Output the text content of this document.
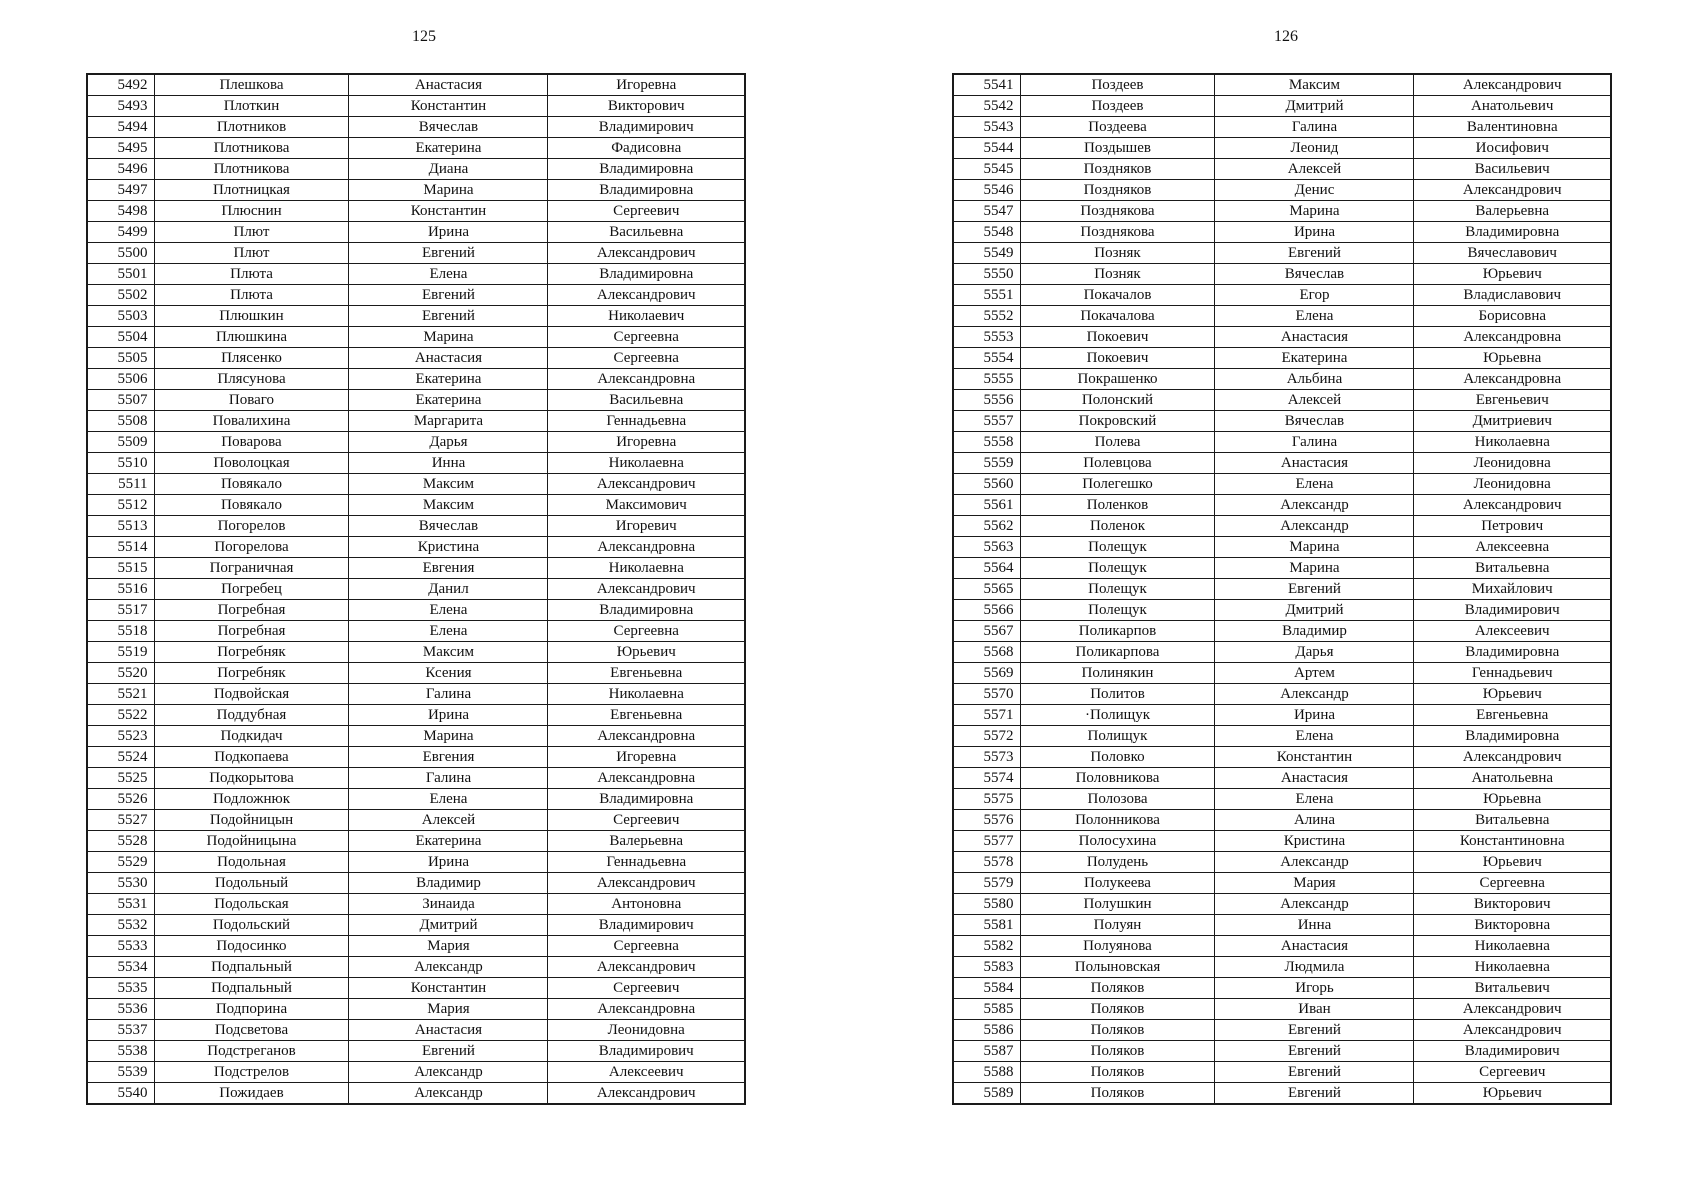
125	126
5492	Плешкова	Анастасия	Игоревна
5493	Плоткин	Константин	Викторович
5494	Плотников	Вячеслав	Владимирович
5495	Плотникова	Екатерина	Фадисовна
5496	Плотникова	Диана	Владимировна
5497	Плотницкая	Марина	Владимировна
5498	Плюснин	Константин	Сергеевич
5499	Плют	Ирина	Васильевна
5500	Плют	Евгений	Александрович
5501	Плюта	Елена	Владимировна
5502	Плюта	Евгений	Александрович
5503	Плюшкин	Евгений	Николаевич
5504	Плюшкина	Марина	Сергеевна
5505	Плясенко	Анастасия	Сергеевна
5506	Плясунова	Екатерина	Александровна
5507	Поваго	Екатерина	Васильевна
5508	Повалихина	Маргарита	Геннадьевна
5509	Поварова	Дарья	Игоревна
5510	Поволоцкая	Инна	Николаевна
5511	Повякало	Максим	Александрович
5512	Повякало	Максим	Максимович
5513	Погорелов	Вячеслав	Игоревич
5514	Погорелова	Кристина	Александровна
5515	Пограничная	Евгения	Николаевна
5516	Погребец	Данил	Александрович
5517	Погребная	Елена	Владимировна
5518	Погребная	Елена	Сергеевна
5519	Погребняк	Максим	Юрьевич
5520	Погребняк	Ксения	Евгеньевна
5521	Подвойская	Галина	Николаевна
5522	Поддубная	Ирина	Евгеньевна
5523	Подкидач	Марина	Александровна
5524	Подкопаева	Евгения	Игоревна
5525	Подкорытова	Галина	Александровна
5526	Подложнюк	Елена	Владимировна
5527	Подойницын	Алексей	Сергеевич
5528	Подойницына	Екатерина	Валерьевна
5529	Подольная	Ирина	Геннадьевна
5530	Подольный	Владимир	Александрович
5531	Подольская	Зинаида	Антоновна
5532	Подольский	Дмитрий	Владимирович
5533	Подосинко	Мария	Сергеевна
5534	Подпальный	Александр	Александрович
5535	Подпальный	Константин	Сергеевич
5536	Подпорина	Мария	Александровна
5537	Подсветова	Анастасия	Леонидовна
5538	Подстреганов	Евгений	Владимирович
5539	Подстрелов	Александр	Алексеевич
5540	Пожидаев	Александр	Александрович
5541	Поздеев	Максим	Александрович
5542	Поздеев	Дмитрий	Анатольевич
5543	Поздеева	Галина	Валентиновна
5544	Поздышев	Леонид	Иосифович
5545	Поздняков	Алексей	Васильевич
5546	Поздняков	Денис	Александрович
5547	Позднякова	Марина	Валерьевна
5548	Позднякова	Ирина	Владимировна
5549	Позняк	Евгений	Вячеславович
5550	Позняк	Вячеслав	Юрьевич
5551	Покачалов	Егор	Владиславович
5552	Покачалова	Елена	Борисовна
5553	Покоевич	Анастасия	Александровна
5554	Покоевич	Екатерина	Юрьевна
5555	Покрашенко	Альбина	Александровна
5556	Полонский	Алексей	Евгеньевич
5557	Покровский	Вячеслав	Дмитриевич
5558	Полева	Галина	Николаевна
5559	Полевцова	Анастасия	Леонидовна
5560	Полегешко	Елена	Леонидовна
5561	Поленков	Александр	Александрович
5562	Поленок	Александр	Петрович
5563	Полещук	Марина	Алексеевна
5564	Полещук	Марина	Витальевна
5565	Полещук	Евгений	Михайлович
5566	Полещук	Дмитрий	Владимирович
5567	Поликарпов	Владимир	Алексеевич
5568	Поликарпова	Дарья	Владимировна
5569	Полинякин	Артем	Геннадьевич
5570	Политов	Александр	Юрьевич
5571	·Полищук	Ирина	Евгеньевна
5572	Полищук	Елена	Владимировна
5573	Половко	Константин	Александрович
5574	Половникова	Анастасия	Анатольевна
5575	Полозова	Елена	Юрьевна
5576	Полонникова	Алина	Витальевна
5577	Полосухина	Кристина	Константиновна
5578	Полудень	Александр	Юрьевич
5579	Полукеева	Мария	Сергеевна
5580	Полушкин	Александр	Викторович
5581	Полуян	Инна	Викторовна
5582	Полуянова	Анастасия	Николаевна
5583	Полыновская	Людмила	Николаевна
5584	Поляков	Игорь	Витальевич
5585	Поляков	Иван	Александрович
5586	Поляков	Евгений	Александрович
5587	Поляков	Евгений	Владимирович
5588	Поляков	Евгений	Сергеевич
5589	Поляков	Евгений	Юрьевич
